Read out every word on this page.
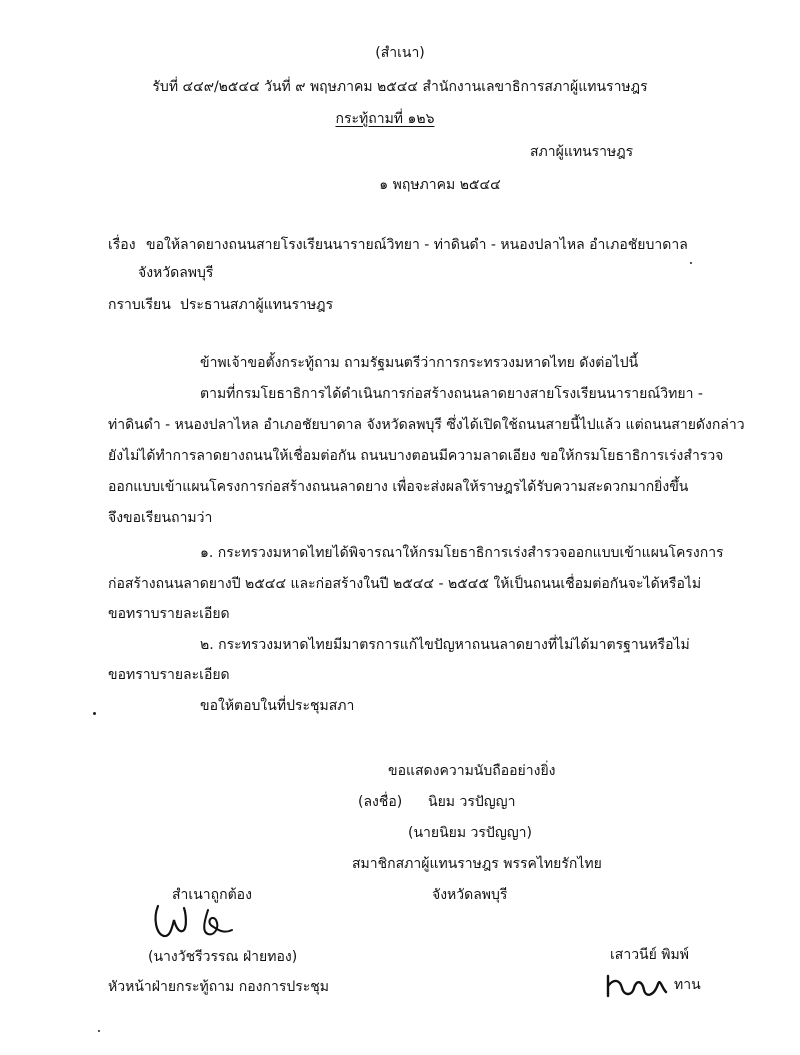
(สำเนา)
รับที่ ๔๔๙/๒๕๔๔ วันที่ ๙ พฤษภาคม ๒๕๔๔ สำนักงานเลขาธิการสภาผู้แทนราษฎร
กระทู้ถามที่ ๑๒๖
สภาผู้แทนราษฎร
๑ พฤษภาคม ๒๕๔๔
เรื่อง ขอให้ลาดยางถนนสายโรงเรียนนารายณ์วิทยา - ท่าดินดำ - หนองปลาไหล อำเภอชัยบาดาล
จังหวัดลพบุรี
กราบเรียน ประธานสภาผู้แทนราษฎร
ข้าพเจ้าขอตั้งกระทู้ถาม ถามรัฐมนตรีว่าการกระทรวงมหาดไทย ดังต่อไปนี้
ตามที่กรมโยธาธิการได้ดำเนินการก่อสร้างถนนลาดยางสายโรงเรียนนารายณ์วิทยา -
ท่าดินดำ - หนองปลาไหล อำเภอชัยบาดาล จังหวัดลพบุรี ซึ่งได้เปิดใช้ถนนสายนี้ไปแล้ว แต่ถนนสายดังกล่าว
ยังไม่ได้ทำการลาดยางถนนให้เชื่อมต่อกัน ถนนบางตอนมีความลาดเอียง ขอให้กรมโยธาธิการเร่งสำรวจ
ออกแบบเข้าแผนโครงการก่อสร้างถนนลาดยาง เพื่อจะส่งผลให้ราษฎรได้รับความสะดวกมากยิ่งขึ้น
จึงขอเรียนถามว่า
๑. กระทรวงมหาดไทยได้พิจารณาให้กรมโยธาธิการเร่งสำรวจออกแบบเข้าแผนโครงการ
ก่อสร้างถนนลาดยางปี ๒๕๔๔ และก่อสร้างในปี ๒๕๔๔ - ๒๕๔๕ ให้เป็นถนนเชื่อมต่อกันจะได้หรือไม่
ขอทราบรายละเอียด
๒. กระทรวงมหาดไทยมีมาตรการแก้ไขปัญหาถนนลาดยางที่ไม่ได้มาตรฐานหรือไม่
ขอทราบรายละเอียด
ขอให้ตอบในที่ประชุมสภา
ขอแสดงความนับถืออย่างยิ่ง
(ลงชื่อ) นิยม วรปัญญา
(นายนิยม วรปัญญา)
สมาชิกสภาผู้แทนราษฎร พรรคไทยรักไทย
จังหวัดลพบุรี
สำเนาถูกต้อง
(นางวัชรีวรรณ ฝ่ายทอง)
หัวหน้าฝ่ายกระทู้ถาม กองการประชุม
เสาวนีย์ พิมพ์
ทาน
